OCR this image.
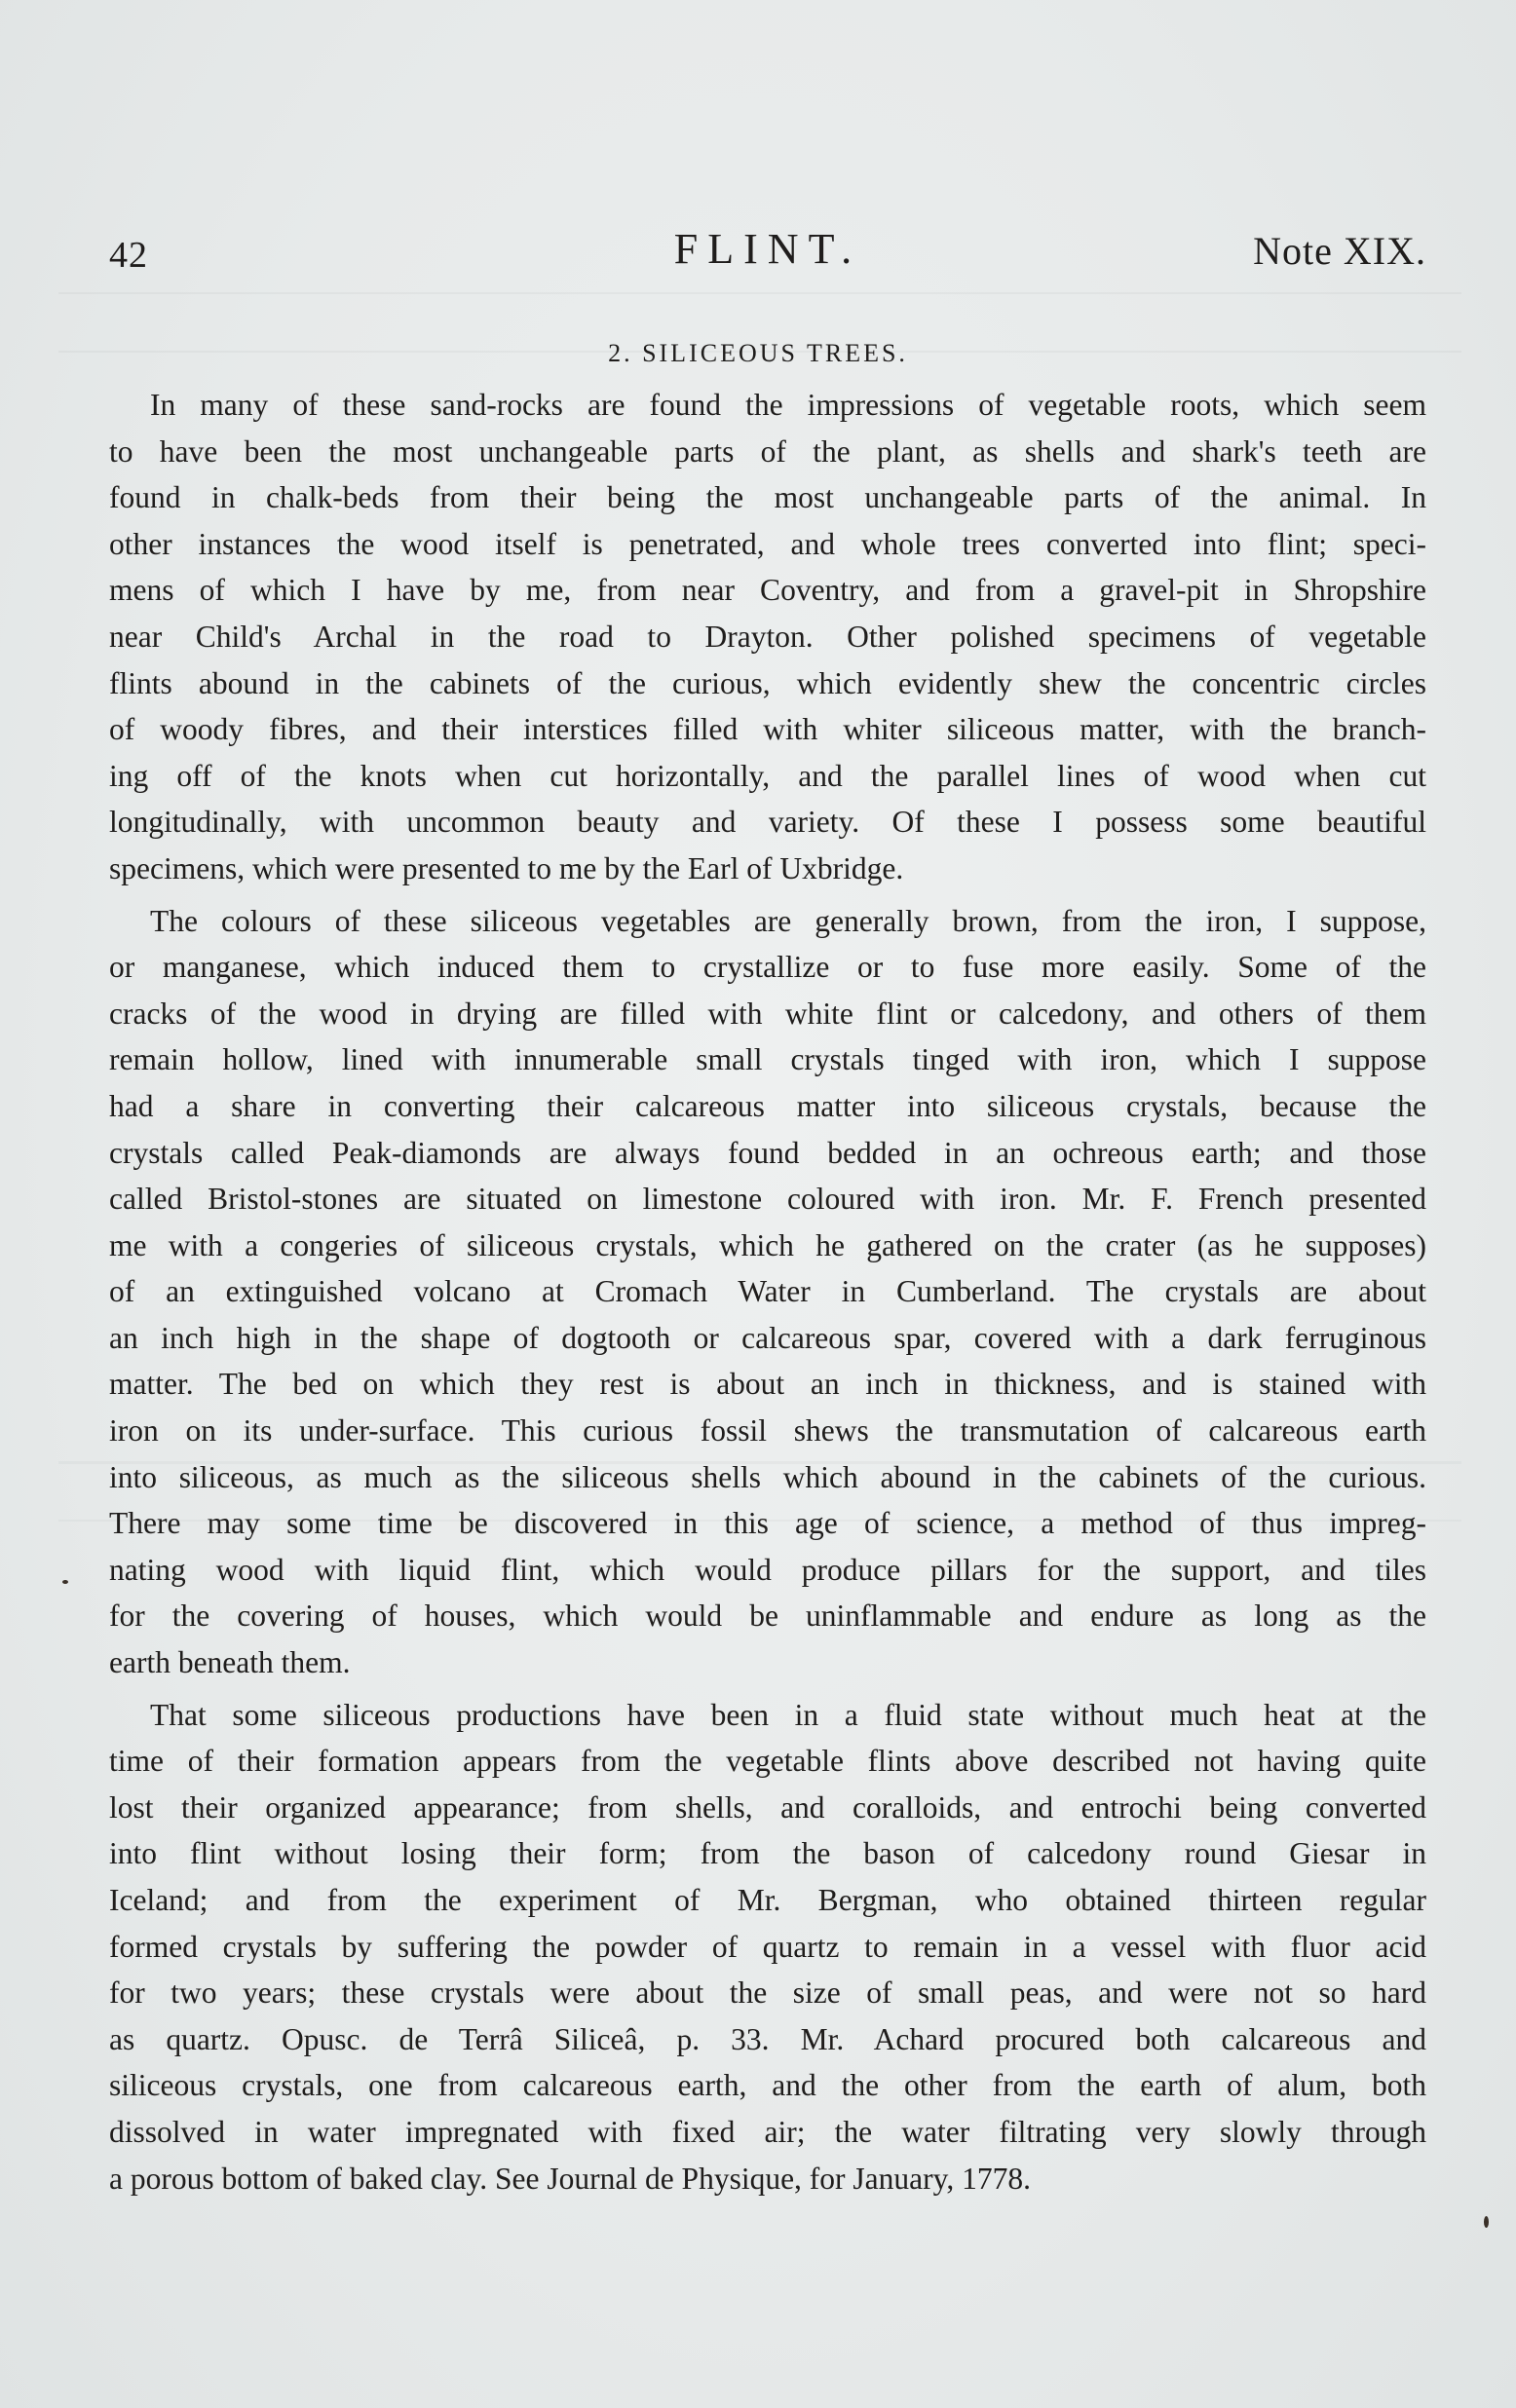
42	FLINT.	Note XIX.
2. SILICEOUS TREES.

In many of these sand-rocks are found the impressions of vegetable roots, which seem
to have been the most unchangeable parts of the plant, as shells and shark's teeth are
found in chalk-beds from their being the most unchangeable parts of the animal. In
other instances the wood itself is penetrated, and whole trees converted into flint; speci-
mens of which I have by me, from near Coventry, and from a gravel-pit in Shropshire
near Child's Archal in the road to Drayton. Other polished specimens of vegetable
flints abound in the cabinets of the curious, which evidently shew the concentric circles
of woody fibres, and their interstices filled with whiter siliceous matter, with the branch-
ing off of the knots when cut horizontally, and the parallel lines of wood when cut
longitudinally, with uncommon beauty and variety. Of these I possess some beautiful
specimens, which were presented to me by the Earl of Uxbridge.

The colours of these siliceous vegetables are generally brown, from the iron, I suppose,
or manganese, which induced them to crystallize or to fuse more easily. Some of the
cracks of the wood in drying are filled with white flint or calcedony, and others of them
remain hollow, lined with innumerable small crystals tinged with iron, which I suppose
had a share in converting their calcareous matter into siliceous crystals, because the
crystals called Peak-diamonds are always found bedded in an ochreous earth; and those
called Bristol-stones are situated on limestone coloured with iron. Mr. F. French presented
me with a congeries of siliceous crystals, which he gathered on the crater (as he supposes)
of an extinguished volcano at Cromach Water in Cumberland. The crystals are about
an inch high in the shape of dogtooth or calcareous spar, covered with a dark ferruginous
matter. The bed on which they rest is about an inch in thickness, and is stained with
iron on its under-surface. This curious fossil shews the transmutation of calcareous earth
into siliceous, as much as the siliceous shells which abound in the cabinets of the curious.
There may some time be discovered in this age of science, a method of thus impreg-
nating wood with liquid flint, which would produce pillars for the support, and tiles
for the covering of houses, which would be uninflammable and endure as long as the
earth beneath them.

That some siliceous productions have been in a fluid state without much heat at the
time of their formation appears from the vegetable flints above described not having quite
lost their organized appearance; from shells, and coralloids, and entrochi being converted
into flint without losing their form; from the bason of calcedony round Giesar in
Iceland; and from the experiment of Mr. Bergman, who obtained thirteen regular
formed crystals by suffering the powder of quartz to remain in a vessel with fluor acid
for two years; these crystals were about the size of small peas, and were not so hard
as quartz. Opusc. de Terrâ Siliceâ, p. 33. Mr. Achard procured both calcareous and
siliceous crystals, one from calcareous earth, and the other from the earth of alum, both
dissolved in water impregnated with fixed air; the water filtrating very slowly through
a porous bottom of baked clay. See Journal de Physique, for January, 1778.
